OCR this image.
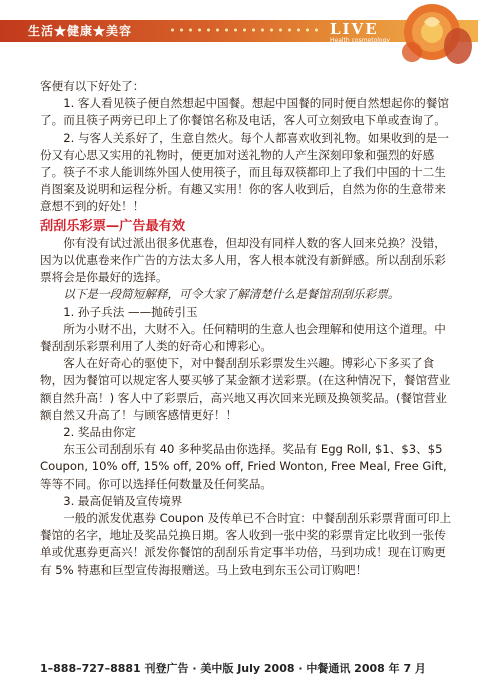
生活★健康★美容	LIVE
Health cosmetology

客便有以下好处了：

1. 客人看见筷子便自然想起中国餐。想起中国餐的同时便自然想起你的餐馆了。而且筷子两旁已印上了你餐馆名称及电话，客人可立刻致电下单或查询了。

2. 与客人关系好了，生意自然火。每个人都喜欢收到礼物。如果收到的是一份又有心思又实用的礼物时，便更加对送礼物的人产生深刻印象和强烈的好感了。筷子不求人能训练外国人使用筷子，而且每双筷都印上了我们中国的十二生肖图案及说明和运程分析。有趣又实用！你的客人收到后，自然为你的生意带来意想不到的好处！！

刮刮乐彩票—广告最有效

你有没有试过派出很多优惠卷，但却没有同样人数的客人回来兑换？没错，因为以优惠卷来作广告的方法太多人用，客人根本就没有新鲜感。所以刮刮乐彩票将会是你最好的选择。

以下是一段简短解释，可令大家了解清楚什么是餐馆刮刮乐彩票。

1. 孙子兵法 ——抛砖引玉

所为小财不出，大财不入。任何精明的生意人也会理解和使用这个道理。中餐刮刮乐彩票利用了人类的好奇心和博彩心。

客人在好奇心的驱使下，对中餐刮刮乐彩票发生兴趣。博彩心下多买了食物，因为餐馆可以规定客人要买够了某金额才送彩票。(在这种情况下，餐馆营业额自然升高！) 客人中了彩票后，高兴地又再次回来光顾及换领奖品。(餐馆营业额自然又升高了！与顾客感情更好！！

2. 奖品由你定

东玉公司刮刮乐有 40 多种奖品由你选择。奖品有 Egg Roll, $1、$3、$5 Coupon, 10% off, 15% off, 20% off, Fried Wonton, Free Meal, Free Gift, 等等不同。你可以选择任何数量及任何奖品。

3. 最高促销及宣传境界

一般的派发优惠券 Coupon 及传单已不合时宜：中餐刮刮乐彩票背面可印上餐馆的名字，地址及奖品兑换日期。客人收到一张中奖的彩票肯定比收到一张传单或优惠券更高兴！派发你餐馆的刮刮乐肯定事半功倍，马到功成！现在订购更有 5% 特惠和巨型宣传海报赠送。马上致电到东玉公司订购吧！

1–888–727–8881 刊登广告 · 美中版 July 2008 · 中餐通讯 2008 年 7 月
